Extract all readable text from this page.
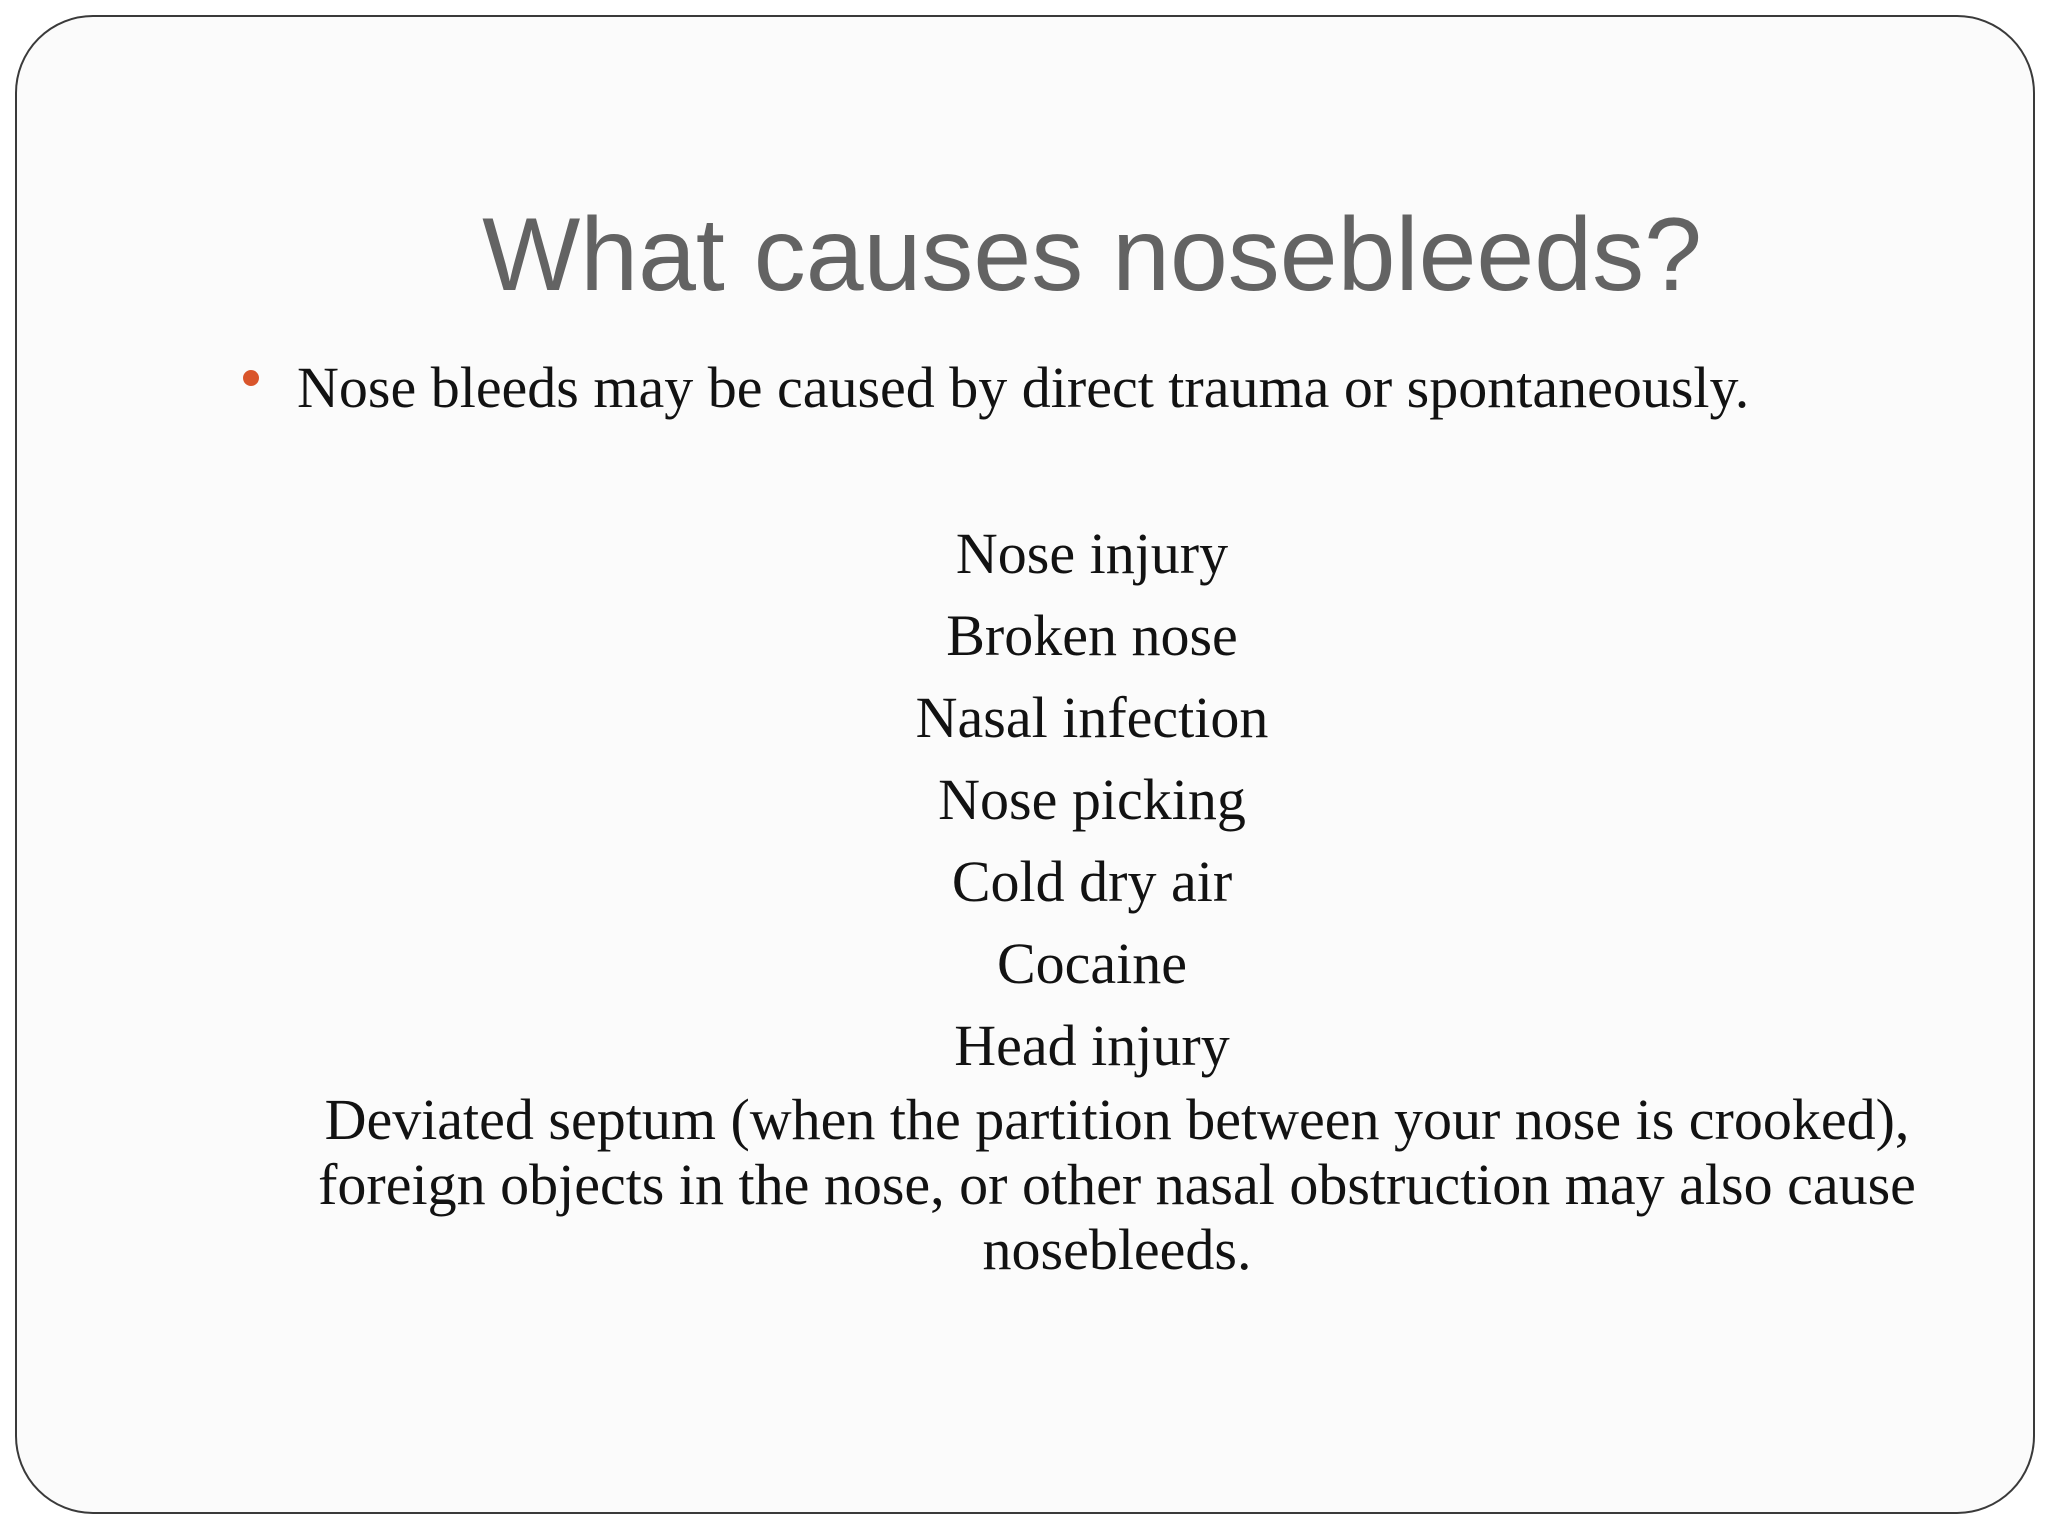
What causes nosebleeds?
Nose bleeds may be caused by direct trauma or spontaneously.
Nose injury
Broken nose
Nasal infection
Nose picking
Cold dry air
Cocaine
Head injury
Deviated septum (when the partition between your nose is crooked), foreign objects in the nose, or other nasal obstruction may also cause nosebleeds.
